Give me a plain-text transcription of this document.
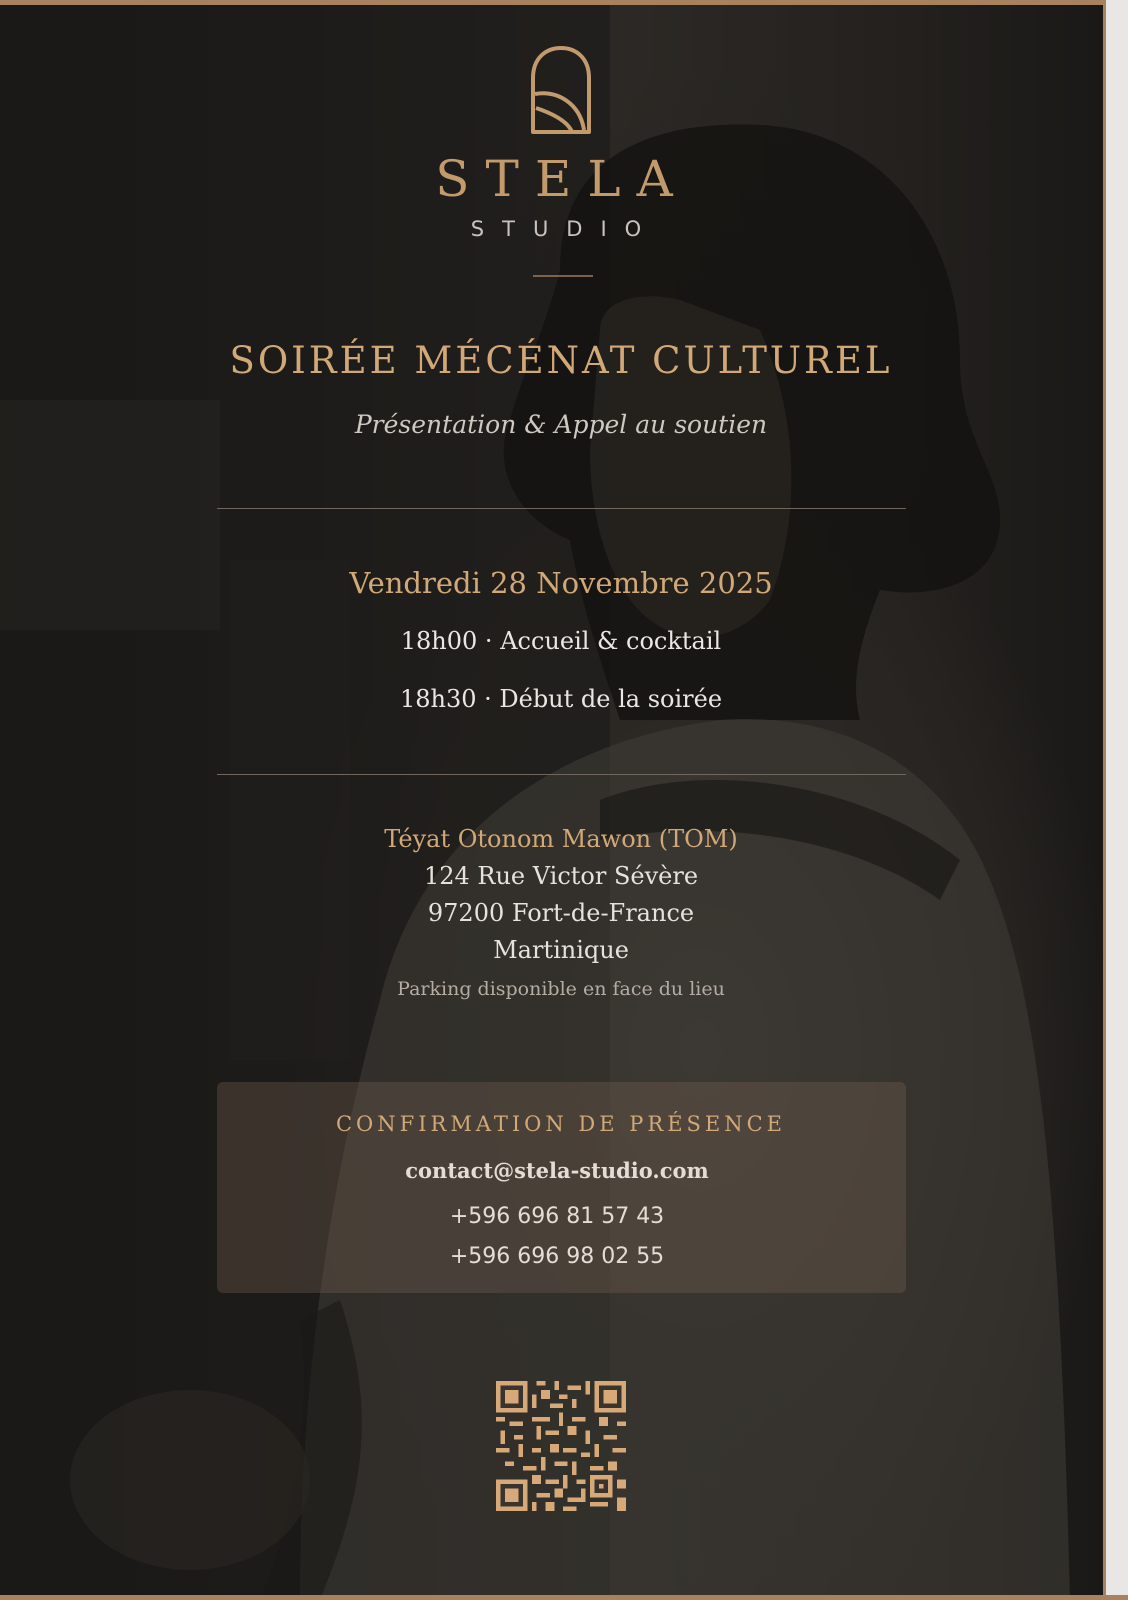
STELA
STUDIO
SOIRÉE MÉCÉNAT CULTUREL
Présentation & Appel au soutien
Vendredi 28 Novembre 2025
18h00 · Accueil & cocktail
18h30 · Début de la soirée
Téyat Otonom Mawon (TOM)
124 Rue Victor Sévère
97200 Fort-de-France
Martinique
Parking disponible en face du lieu
CONFIRMATION DE PRÉSENCE
contact@stela-studio.com
+596 696 81 57 43
+596 696 98 02 55
